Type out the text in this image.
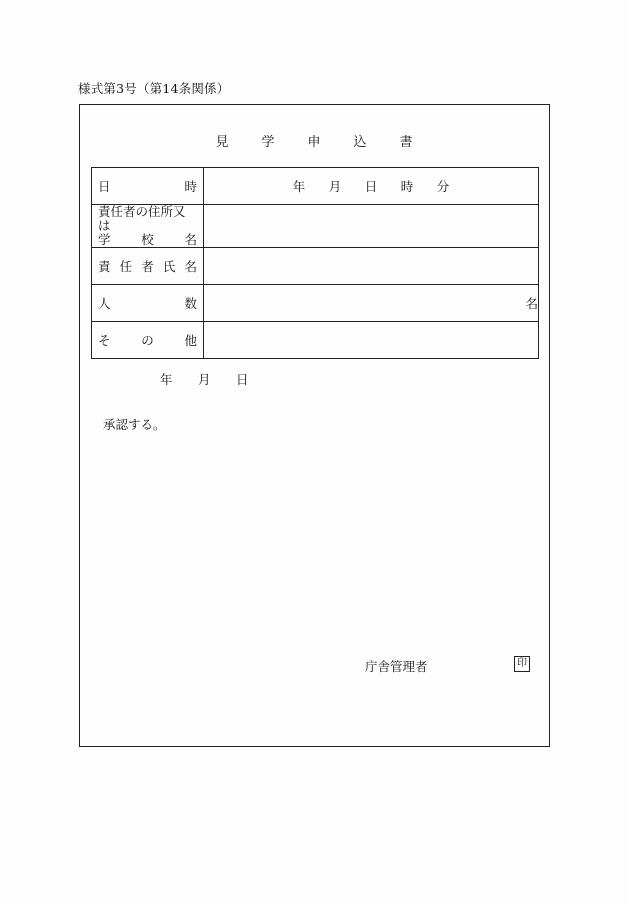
様式第3号（第14条関係）
見 学 申 込 書
日 時	年 月 日 時 分

責任者の住所又は
学 校 名	

責 任 者 氏 名	

人 数	名

そ の 他	

年 月 日
承認する。
庁舎管理者	印
